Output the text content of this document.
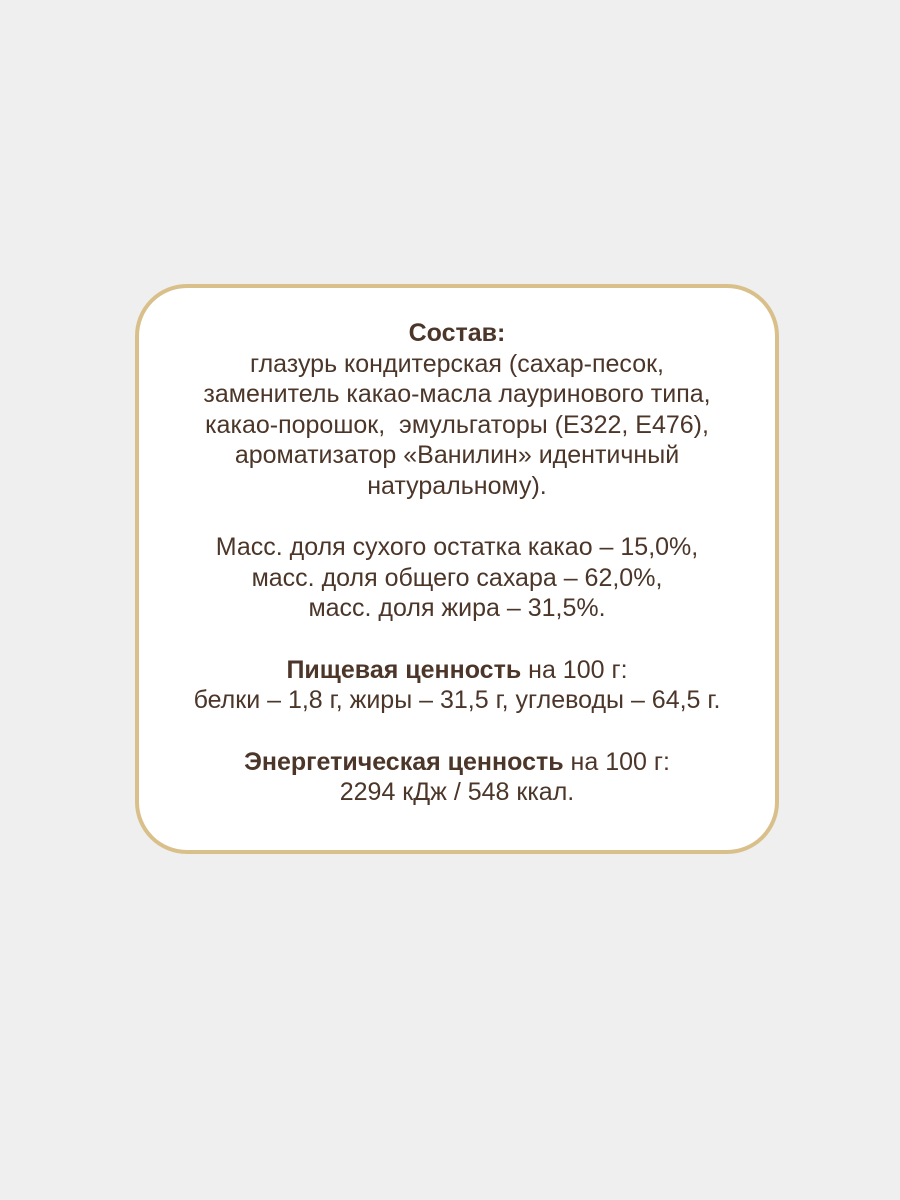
Состав:
глазурь кондитерская (сахар-песок,
заменитель какао-масла лауринового типа,
какао-порошок,  эмульгаторы (Е322, Е476),
ароматизатор «Ванилин» идентичный
натуральному).
Масс. доля сухого остатка какао – 15,0%,
масс. доля общего сахара – 62,0%,
масс. доля жира – 31,5%.
Пищевая ценность на 100 г:
белки – 1,8 г, жиры – 31,5 г, углеводы – 64,5 г.
Энергетическая ценность на 100 г:
2294 кДж / 548 ккал.
